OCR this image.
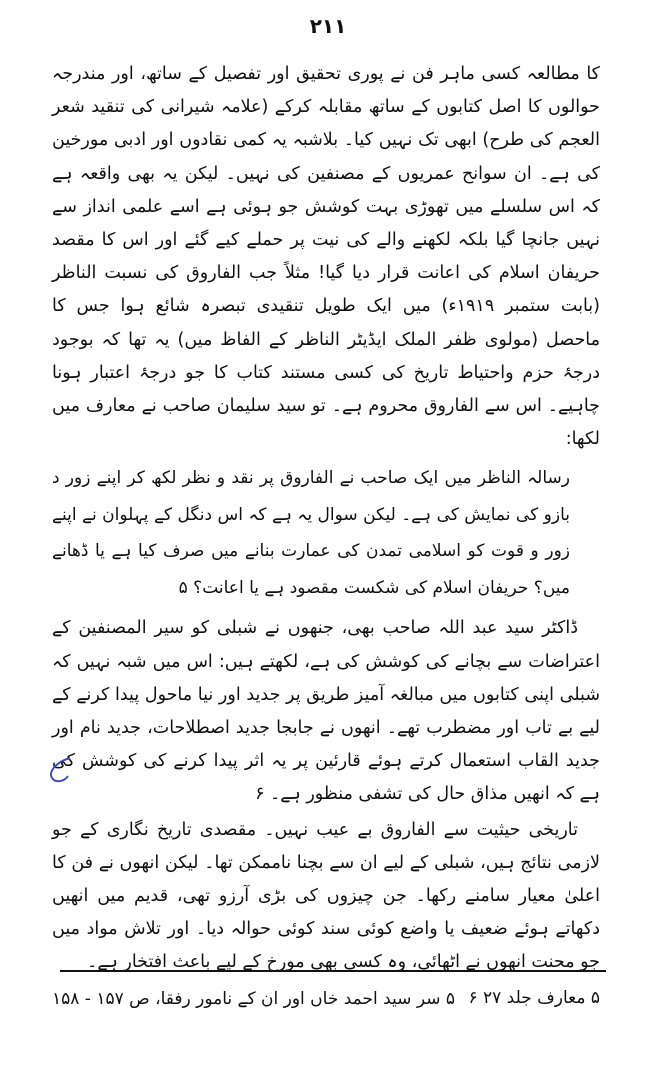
۲۱۱

کا مطالعہ کسی ماہر فن نے پوری تحقیق اور تفصیل کے ساتھ، اور مندرجہ حوالوں کا اصل کتابوں کے ساتھ مقابلہ کرکے (علامہ شیرانی کی تنقید شعر العجم کی طرح) ابھی تک نہیں کیا۔ بلاشبہ یہ کمی نقادوں اور ادبی مورخین کی ہے۔ ان سوانح عمریوں کے مصنفین کی نہیں۔ لیکن یہ بھی واقعہ ہے کہ اس سلسلے میں تھوڑی بہت کوشش جو ہوئی ہے اسے علمی انداز سے نہیں جانچا گیا بلکہ لکھنے والے کی نیت پر حملے کیے گئے اور اس کا مقصد حریفان اسلام کی اعانت قرار دیا گیا! مثلاً جب الفاروق کی نسبت الناظر (بابت ستمبر ۱۹۱۹ء) میں ایک طویل تنقیدی تبصرہ شائع ہوا جس کا ماحصل (مولوی ظفر الملک ایڈیٹر الناظر کے الفاظ میں) یہ تھا کہ بوجود درجۂ حزم واحتیاط تاریخ کی کسی مستند کتاب کا جو درجۂ اعتبار ہونا چاہیے۔ اس سے الفاروق محروم ہے۔ تو سید سلیمان صاحب نے معارف میں لکھا:

رسالہ الناظر میں ایک صاحب نے الفاروق پر نقد و نظر لکھ کر اپنے زور د بازو کی نمایش کی ہے۔ لیکن سوال یہ ہے کہ اس دنگل کے پہلوان نے اپنے زور و قوت کو اسلامی تمدن کی عمارت بنانے میں صرف کیا ہے یا ڈھانے میں؟ حریفان اسلام کی شکست مقصود ہے یا اعانت؟ ۵

ڈاکٹر سید عبد اللہ صاحب بھی، جنھوں نے شبلی کو سیر المصنفین کے اعتراضات سے بچانے کی کوشش کی ہے، لکھتے ہیں: اس میں شبہ نہیں کہ شبلی اپنی کتابوں میں مبالغہ آمیز طریق پر جدید اور نیا ماحول پیدا کرنے کے لیے بے تاب اور مضطرب تھے۔ انھوں نے جابجا جدید اصطلاحات، جدید نام اور جدید القاب استعمال کرتے ہوئے قارئین پر یہ اثر پیدا کرنے کی کوشش کی ہے کہ انھیں مذاق حال کی تشفی منظور ہے۔ ۶

تاریخی حیثیت سے الفاروق بے عیب نہیں۔ مقصدی تاریخ نگاری کے جو لازمی نتائج ہیں، شبلی کے لیے ان سے بچنا ناممکن تھا۔ لیکن انھوں نے فن کا اعلیٰ معیار سامنے رکھا۔ جن چیزوں کی بڑی آرزو تھی، قدیم میں انھیں دکھاتے ہوئے ضعیف یا واضع کوئی سند کوئی حوالہ دیا۔ اور تلاش مواد میں جو محنت انھوں نے اٹھائی، وہ کسی بھی مورخ کے لیے باعث افتخار ہے۔

۵ معارف جلد ۲۷ ۶
۵ سر سید احمد خاں اور ان کے نامور رفقا، ص ۱۵۷ - ۱۵۸
